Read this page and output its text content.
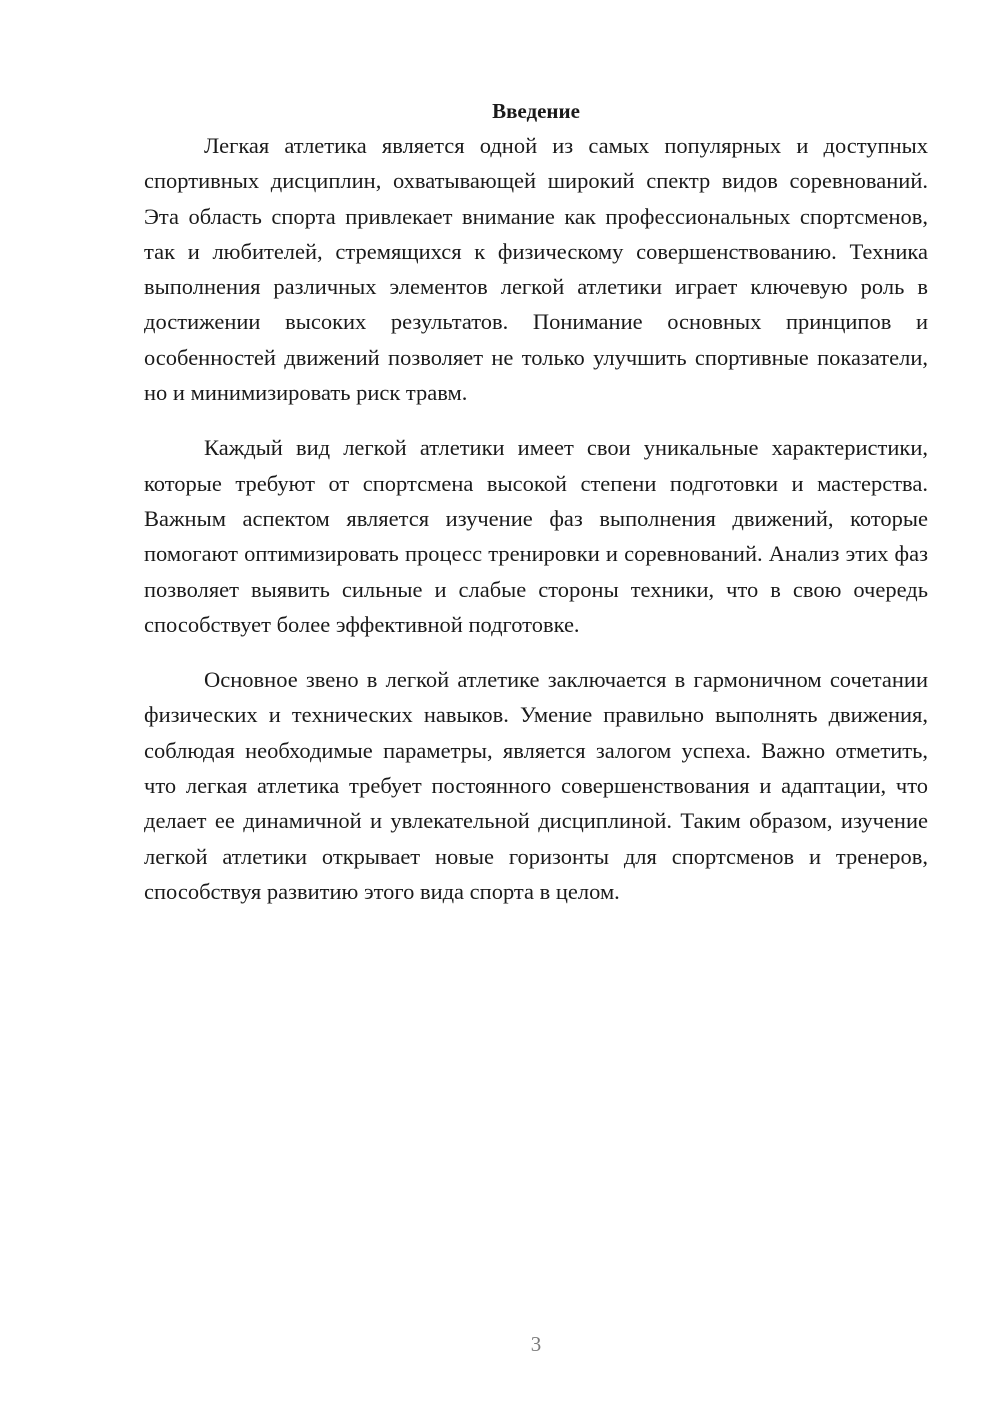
Введение

Легкая атлетика является одной из самых популярных и доступных спортивных дисциплин, охватывающей широкий спектр видов соревнований. Эта область спорта привлекает внимание как профессиональных спортсменов, так и любителей, стремящихся к физическому совершенствованию. Техника выполнения различных элементов легкой атлетики играет ключевую роль в достижении высоких результатов. Понимание основных принципов и особенностей движений позволяет не только улучшить спортивные показатели, но и минимизировать риск травм.

Каждый вид легкой атлетики имеет свои уникальные характеристики, которые требуют от спортсмена высокой степени подготовки и мастерства. Важным аспектом является изучение фаз выполнения движений, которые помогают оптимизировать процесс тренировки и соревнований. Анализ этих фаз позволяет выявить сильные и слабые стороны техники, что в свою очередь способствует более эффективной подготовке.

Основное звено в легкой атлетике заключается в гармоничном сочетании физических и технических навыков. Умение правильно выполнять движения, соблюдая необходимые параметры, является залогом успеха. Важно отметить, что легкая атлетика требует постоянного совершенствования и адаптации, что делает ее динамичной и увлекательной дисциплиной. Таким образом, изучение легкой атлетики открывает новые горизонты для спортсменов и тренеров, способствуя развитию этого вида спорта в целом.

3
